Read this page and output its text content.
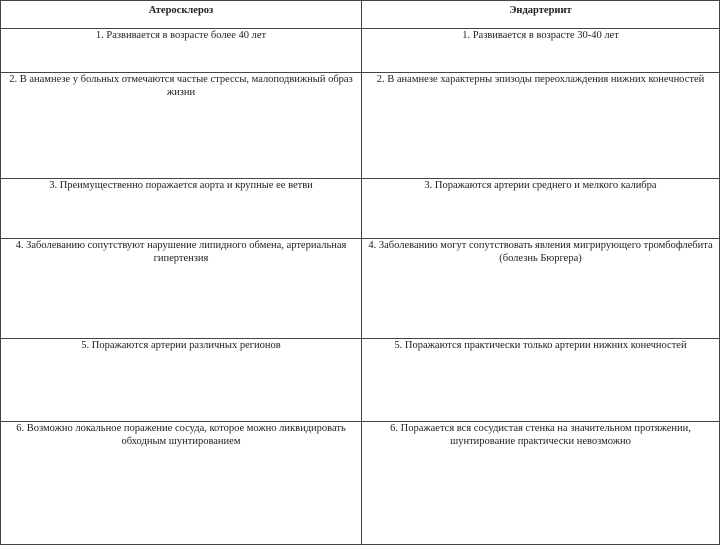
Атеросклероз	Эндартериит
1. Развивается в возрасте более 40 лет	1. Развивается в возрасте 30-40 лет
2. В анамнезе у больных отмечаются частые стрессы, малоподвижный образ жизни	2. В анамнезе характерны эпизоды переохлаждения нижних конечностей
3. Преимущественно поражается аорта и крупные ее ветви	3. Поражаются артерии среднего и мелкого калибра
4. Заболеванию сопутствуют нарушение липидного обмена, артериальная гипертензия	4. Заболеванию могут сопутствовать явления мигрирующего тромбофлебита (болезнь Бюргера)
5. Поражаются артерии различных регионов	5. Поражаются практически только артерии нижних конечностей
6. Возможно локальное поражение сосуда, которое можно ликвидировать обходным шунтированием	6. Поражается вся сосудистая стенка на значительном протяжении, шунтирование практически невозможно
